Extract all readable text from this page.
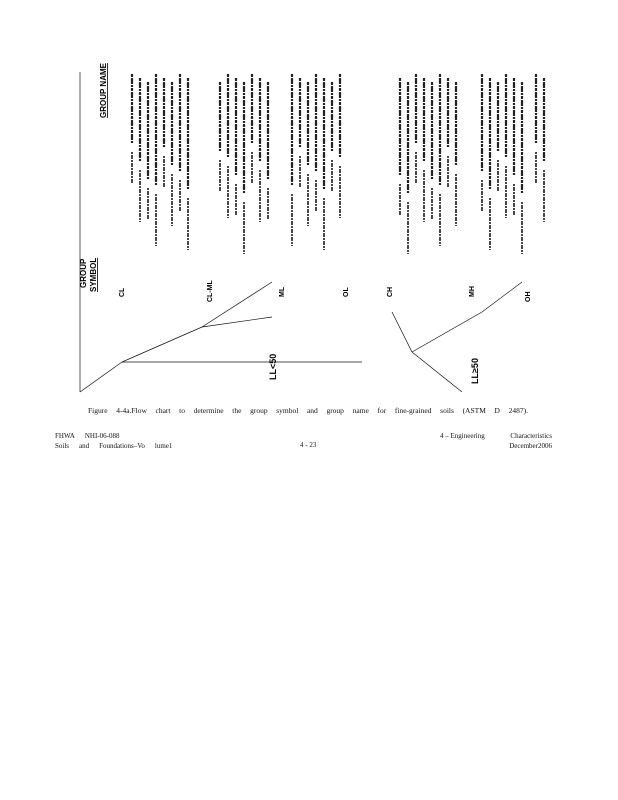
CL	CL-ML	ML	OL	CH	MH	OH
LL<50	LL≥50
GROUP NAME
GROUP SYMBOL
Figure 4-4a.Flow chart to determine the group symbol and group name for fine-grained soils (ASTM D 2487).
FHWA NHI-06-088
Soils and Foundations–Vo lume1	4 - 23
4 – Engineering	Characteristics
December2006
